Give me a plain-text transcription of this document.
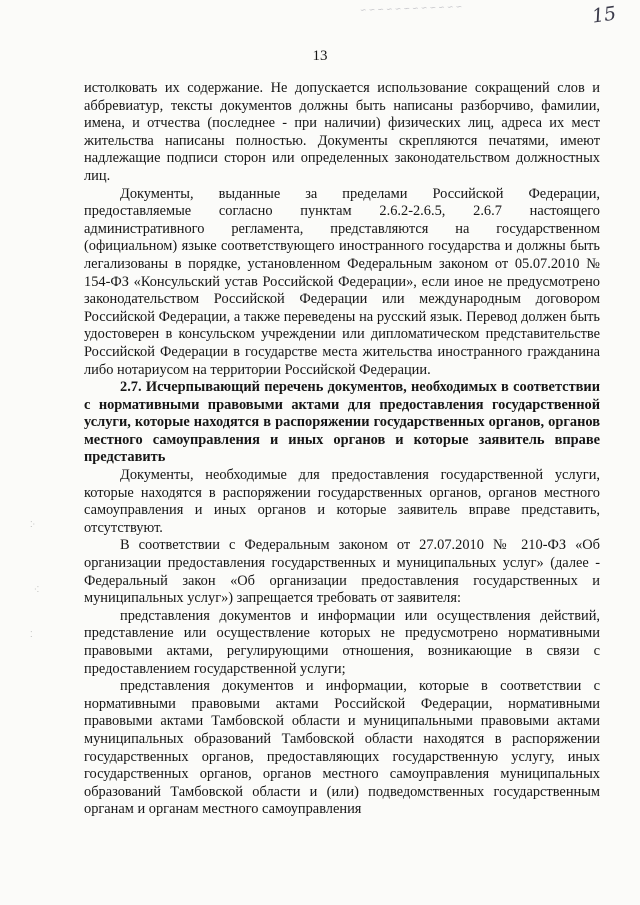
∽ ∽ ∽ ∽ ∽ ∽ ∽ ∽ ∽ ∽ ∽ ∽	15
13
⁚·
·⁚
⁚

истолковать их содержание. Не допускается использование сокращений слов и аббревиатур, тексты документов должны быть написаны разборчиво, фамилии, имена, и отчества (последнее - при наличии) физических лиц, адреса их мест жительства написаны полностью. Документы скрепляются печатями, имеют надлежащие подписи сторон или определенных законодательством должностных лиц.

Документы, выданные за пределами Российской Федерации, предоставляемые согласно пунктам 2.6.2-2.6.5, 2.6.7 настоящего административного регламента, представляются на государственном (официальном) языке соответствующего иностранного государства и должны быть легализованы в порядке, установленном Федеральным законом от 05.07.2010 № 154-ФЗ «Консульский устав Российской Федерации», если иное не предусмотрено законодательством Российской Федерации или международным договором Российской Федерации, а также переведены на русский язык. Перевод должен быть удостоверен в консульском учреждении или дипломатическом представительстве Российской Федерации в государстве места жительства иностранного гражданина либо нотариусом на территории Российской Федерации.

2.7. Исчерпывающий перечень документов, необходимых в соответствии с нормативными правовыми актами для предоставления государственной услуги, которые находятся в распоряжении государственных органов, органов местного самоуправления и иных органов и которые заявитель вправе представить

Документы, необходимые для предоставления государственной услуги, которые находятся в распоряжении государственных органов, органов местного самоуправления и иных органов и которые заявитель вправе представить, отсутствуют.

В соответствии с Федеральным законом от 27.07.2010 № 210-ФЗ «Об организации предоставления государственных и муниципальных услуг» (далее - Федеральный закон «Об организации предоставления государственных и муниципальных услуг») запрещается требовать от заявителя:

представления документов и информации или осуществления действий, представление или осуществление которых не предусмотрено нормативными правовыми актами, регулирующими отношения, возникающие в связи с предоставлением государственной услуги;

представления документов и информации, которые в соответствии с нормативными правовыми актами Российской Федерации, нормативными правовыми актами Тамбовской области и муниципальными правовыми актами муниципальных образований Тамбовской области находятся в распоряжении государственных органов, предоставляющих государственную услугу, иных государственных органов, органов местного самоуправления муниципальных образований Тамбовской области и (или) подведомственных государственным органам и органам местного самоуправления
